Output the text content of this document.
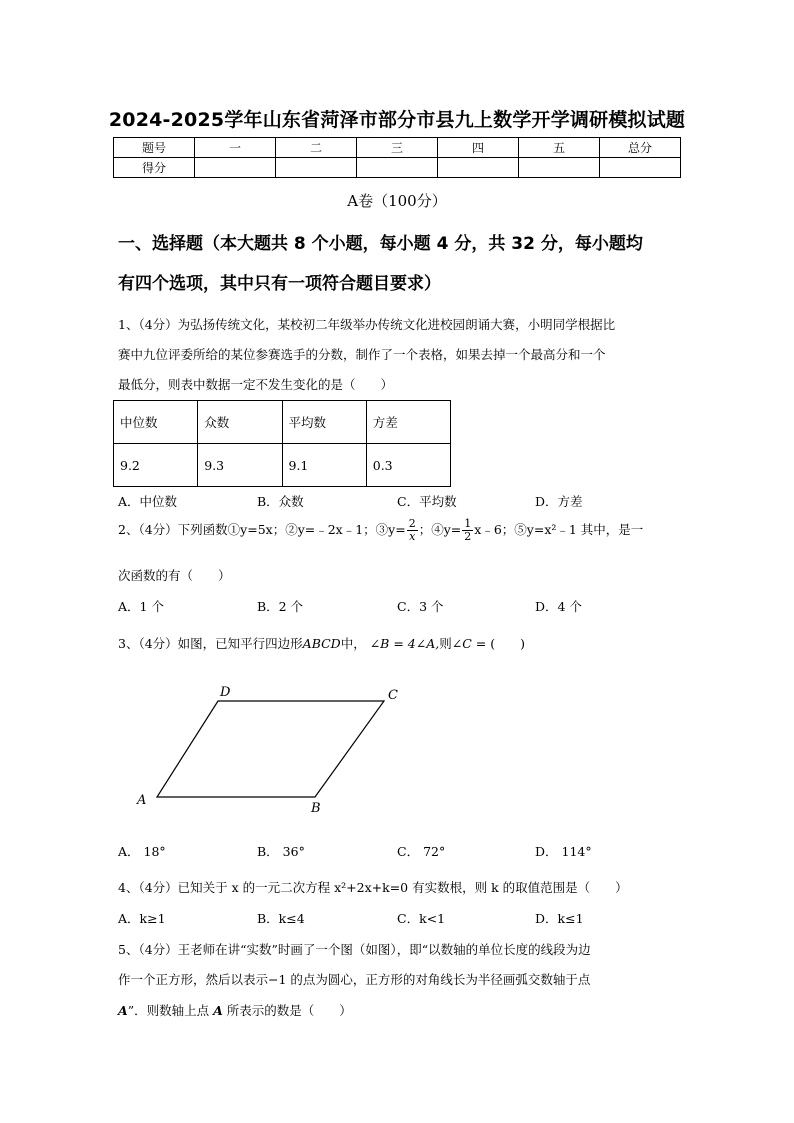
2024-2025学年山东省菏泽市部分市县九上数学开学调研模拟试题
题号	一	二	三	四	五	总分
得分						
A卷（100分）
一、选择题（本大题共 8 个小题，每小题 4 分，共 32 分，每小题均
有四个选项，其中只有一项符合题目要求）
1、（4分）为弘扬传统文化，某校初二年级举办传统文化进校园朗诵大赛，小明同学根据比
赛中九位评委所给的某位参赛选手的分数，制作了一个表格，如果去掉一个最高分和一个
最低分，则表中数据一定不发生变化的是（　　）
中位数	众数	平均数	方差
9.2	9.3	9.1	0.3
A．中位数	B．众数	C．平均数	D．方差
2、（4分）下列函数①y=5x；②y=﹣2x﹣1；③y= $\frac{2}{x}$ ；④y= $\frac{1}{2}$ x﹣6；⑤y=x²﹣1 其中，是一
次函数的有（　　）
A．1 个	B．2 个	C．3 个	D．4 个
3、（4分）如图，已知平行四边形ABCD中， ∠B = 4∠A,则∠C = (　　)
D	C
A
B
A． 18°	B． 36°	C． 72°	D． 114°
4、（4分）已知关于 x 的一元二次方程 x²+2x+k=0 有实数根，则 k 的取值范围是（　　）
A．k≥1	B．k≤4	C．k<1	D．k≤1
5、（4分）王老师在讲“实数”时画了一个图（如图），即“以数轴的单位长度的线段为边
作一个正方形，然后以表示−1 的点为圆心，正方形的对角线长为半径画弧交数轴于点
A”．则数轴上点 A 所表示的数是（　　）
